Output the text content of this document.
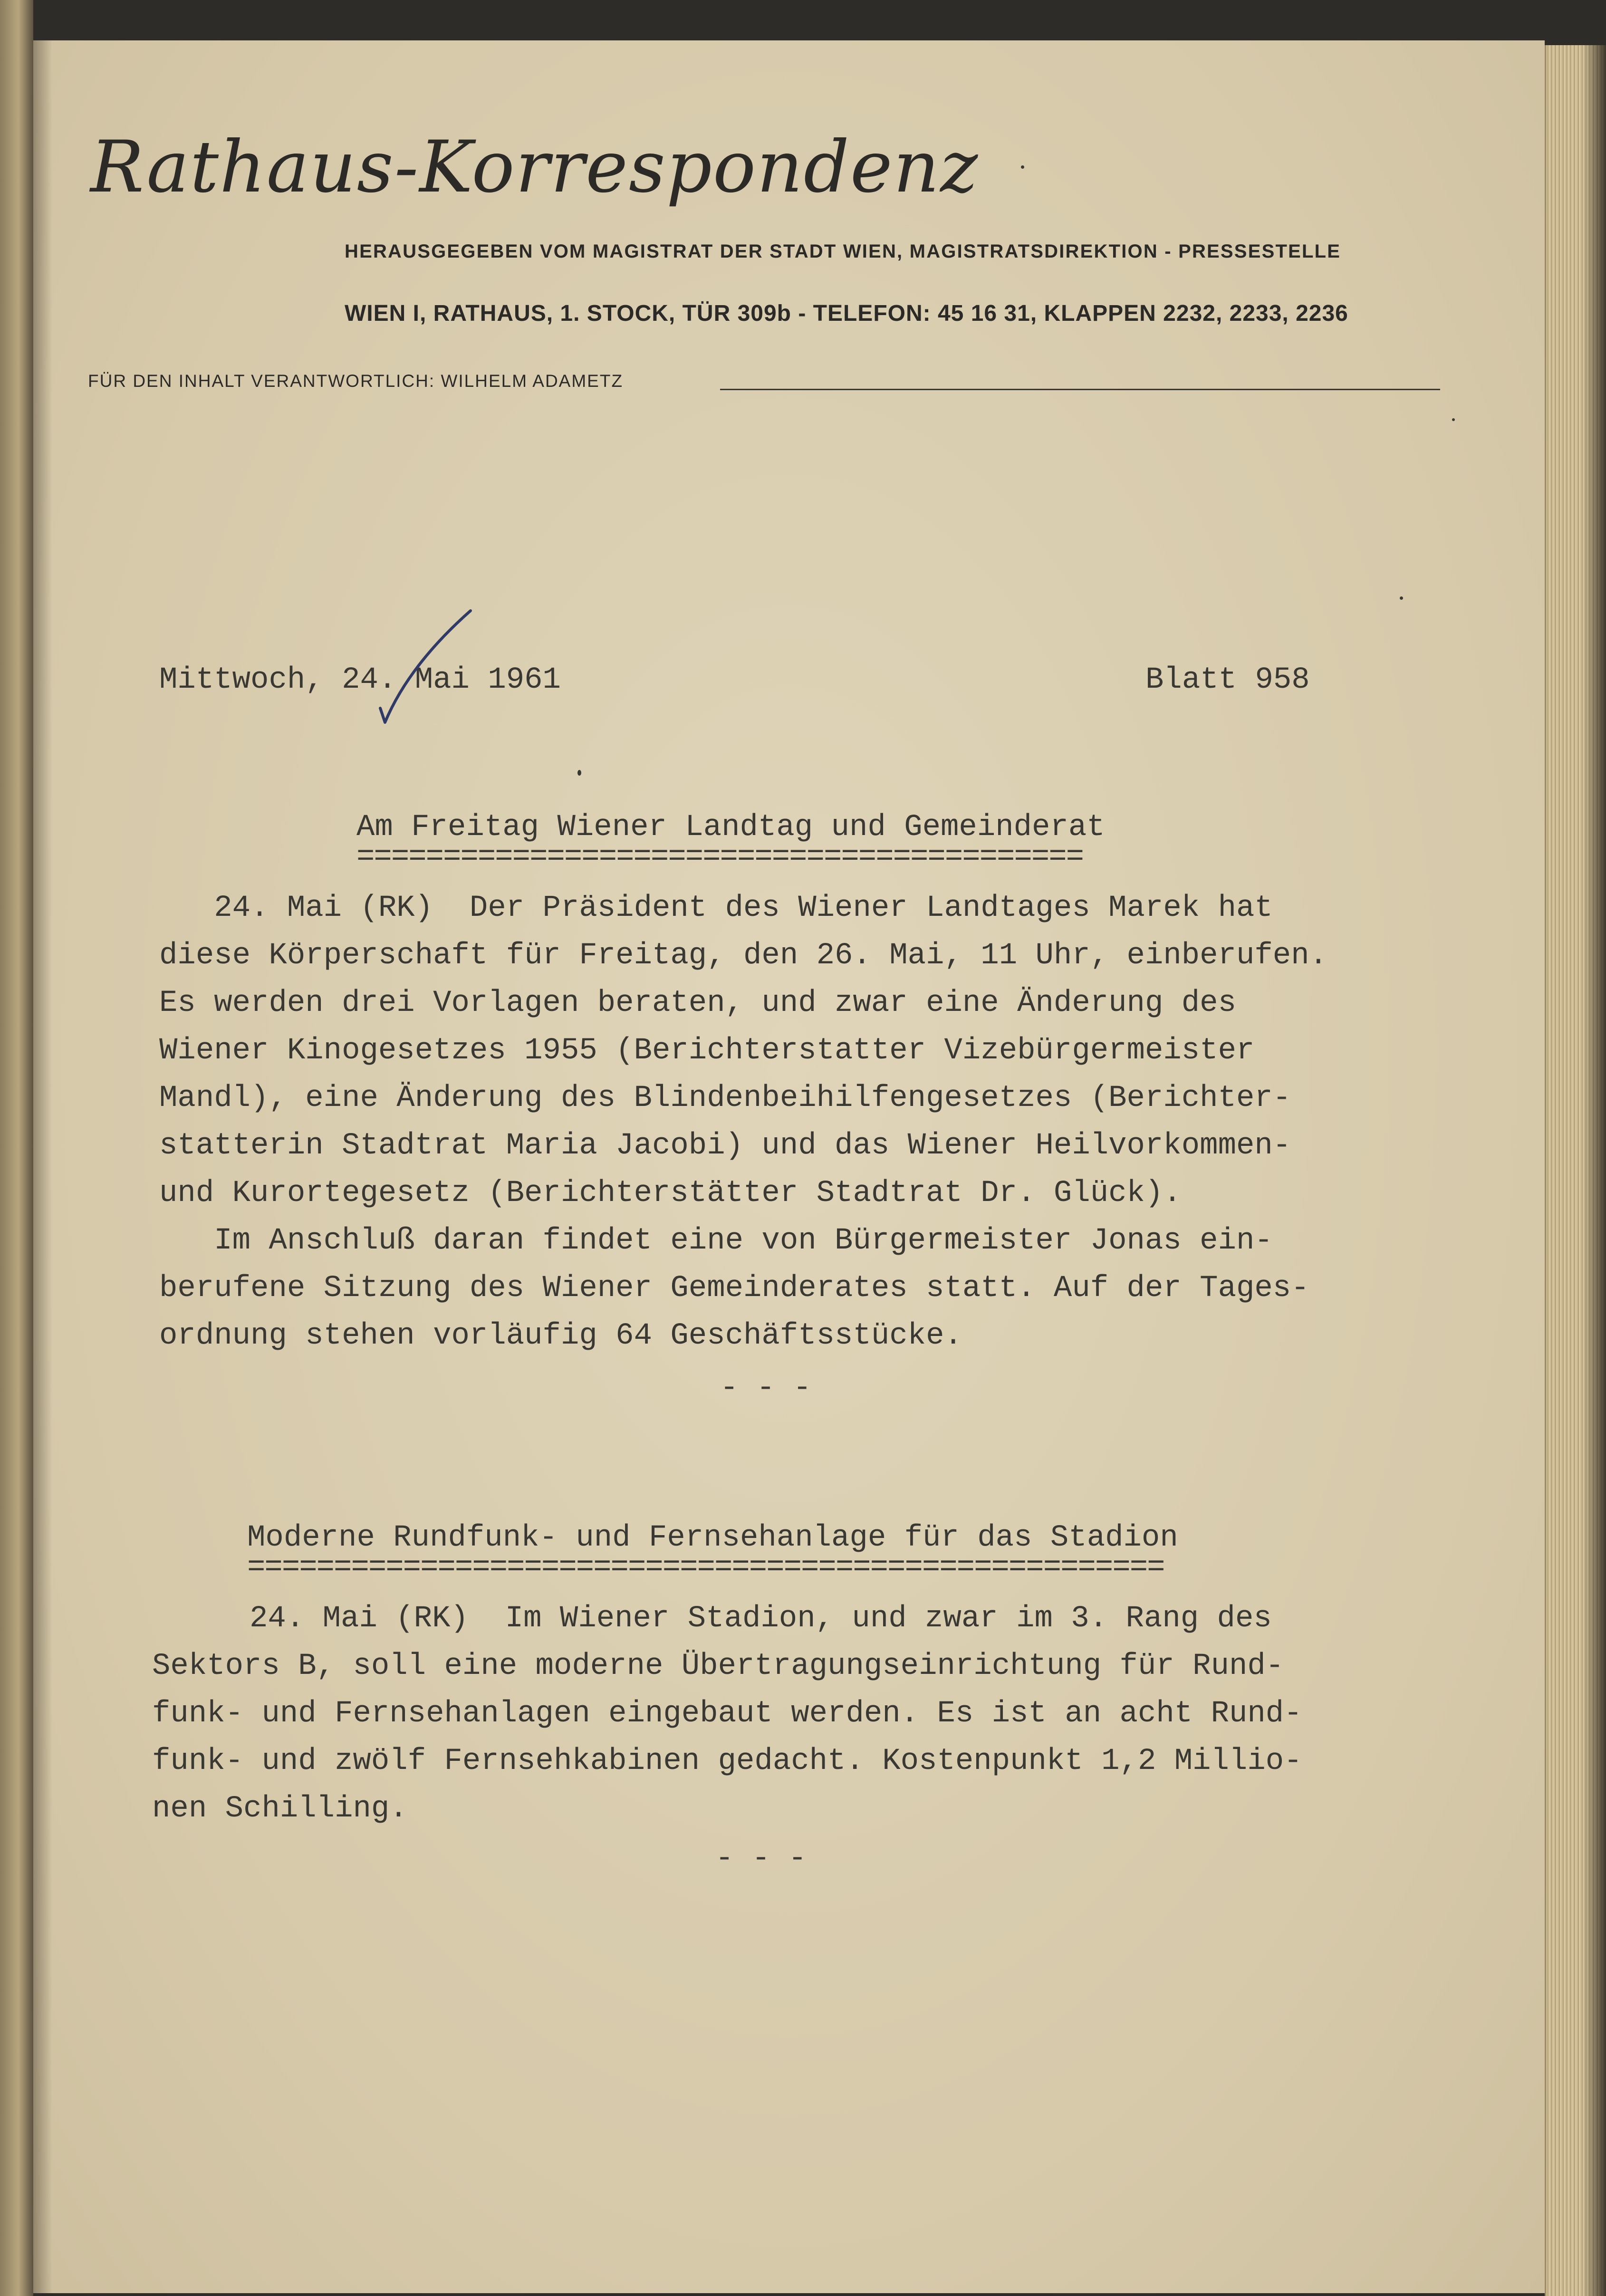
Rathaus-Korrespondenz
HERAUSGEGEBEN VOM MAGISTRAT DER STADT WIEN, MAGISTRATSDIREKTION - PRESSESTELLE
WIEN I, RATHAUS, 1. STOCK, TÜR 309b - TELEFON: 45 16 31, KLAPPEN 2232, 2233, 2236
FÜR DEN INHALT VERANTWORTLICH: WILHELM ADAMETZ
Mittwoch, 24. Mai 1961	Blatt 958
Am Freitag Wiener Landtag und Gemeinderat
==========================================
24. Mai (RK)  Der Präsident des Wiener Landtages Marek hat
diese Körperschaft für Freitag, den 26. Mai, 11 Uhr, einberufen.
Es werden drei Vorlagen beraten, und zwar eine Änderung des
Wiener Kinogesetzes 1955 (Berichterstatter Vizebürgermeister
Mandl), eine Änderung des Blindenbeihilfengesetzes (Berichter-
statterin Stadtrat Maria Jacobi) und das Wiener Heilvorkommen-
und Kurortegesetz (Berichterstätter Stadtrat Dr. Glück).
Im Anschluß daran findet eine von Bürgermeister Jonas ein-
berufene Sitzung des Wiener Gemeinderates statt. Auf der Tages-
ordnung stehen vorläufig 64 Geschäftsstücke.
- - -
Moderne Rundfunk- und Fernsehanlage für das Stadion
=====================================================
24. Mai (RK)  Im Wiener Stadion, und zwar im 3. Rang des
Sektors B, soll eine moderne Übertragungseinrichtung für Rund-
funk- und Fernsehanlagen eingebaut werden. Es ist an acht Rund-
funk- und zwölf Fernsehkabinen gedacht. Kostenpunkt 1,2 Millio-
nen Schilling.
- - -
